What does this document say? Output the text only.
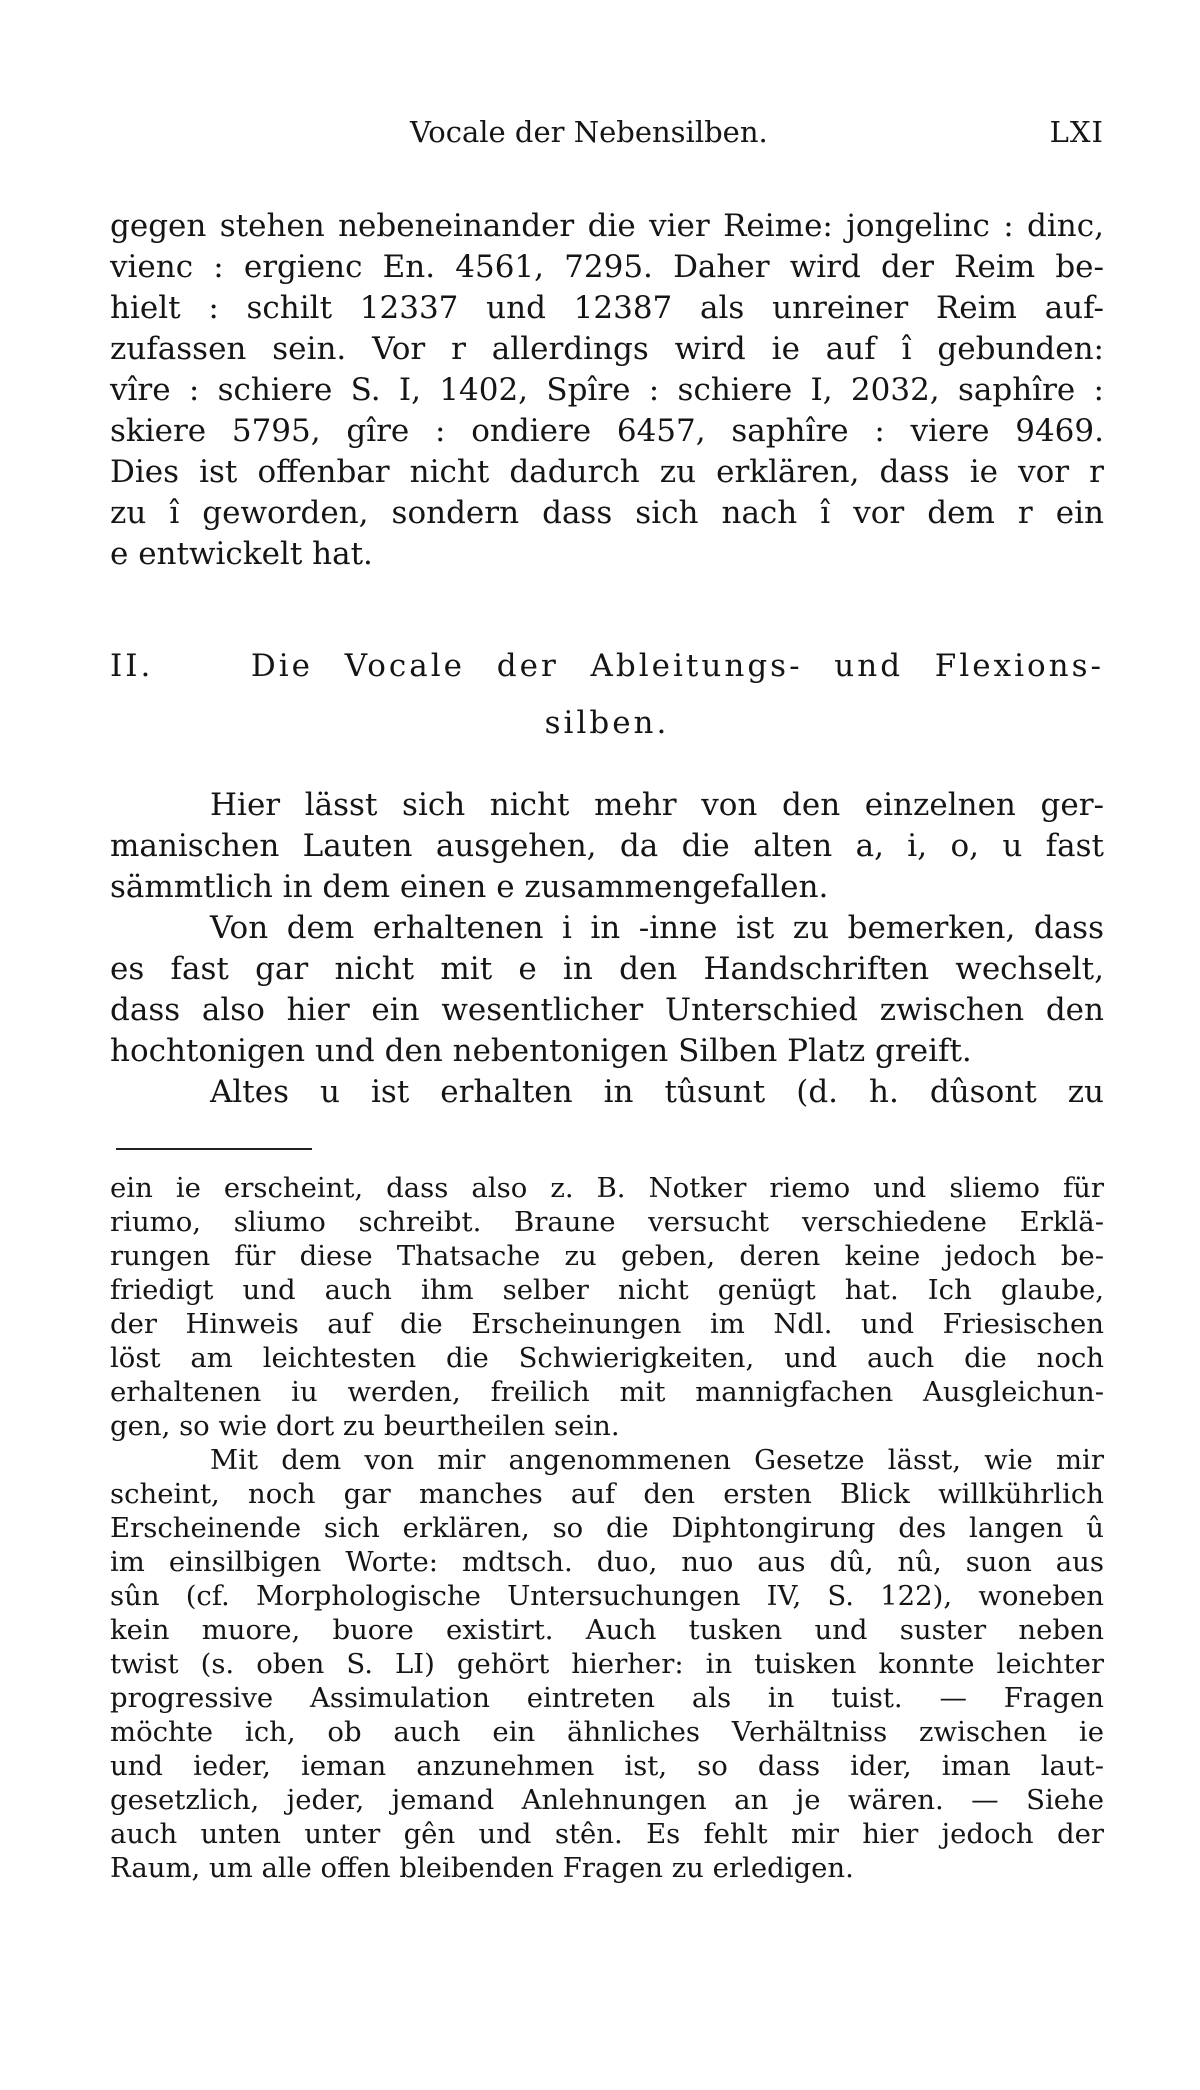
Vocale der Nebensilben.	LXI
gegen stehen nebeneinander die vier Reime: jongelinc : dinc,
vienc : ergienc En. 4561, 7295. Daher wird der Reim be-
hielt : schilt 12337 und 12387 als unreiner Reim auf-
zufassen sein. Vor r allerdings wird ie auf î gebunden:
vîre : schiere S. I, 1402, Spîre : schiere I, 2032, saphîre :
skiere 5795, gîre : ondiere 6457, saphîre : viere 9469.
Dies ist offenbar nicht dadurch zu erklären, dass ie vor r
zu î geworden, sondern dass sich nach î vor dem r ein
e entwickelt hat.
II.	Die Vocale der Ableitungs- und Flexions-
silben.
Hier lässt sich nicht mehr von den einzelnen ger-
manischen Lauten ausgehen, da die alten a, i, o, u fast
sämmtlich in dem einen e zusammengefallen.
Von dem erhaltenen i in -inne ist zu bemerken, dass
es fast gar nicht mit e in den Handschriften wechselt,
dass also hier ein wesentlicher Unterschied zwischen den
hochtonigen und den nebentonigen Silben Platz greift.
Altes u ist erhalten in tûsunt (d. h. dûsont zu
ein ie erscheint, dass also z. B. Notker riemo und sliemo für
riumo, sliumo schreibt. Braune versucht verschiedene Erklä-
rungen für diese Thatsache zu geben, deren keine jedoch be-
friedigt und auch ihm selber nicht genügt hat. Ich glaube,
der Hinweis auf die Erscheinungen im Ndl. und Friesischen
löst am leichtesten die Schwierigkeiten, und auch die noch
erhaltenen iu werden, freilich mit mannigfachen Ausgleichun-
gen, so wie dort zu beurtheilen sein.
Mit dem von mir angenommenen Gesetze lässt, wie mir
scheint, noch gar manches auf den ersten Blick willkührlich
Erscheinende sich erklären, so die Diphtongirung des langen û
im einsilbigen Worte: mdtsch. duo, nuo aus dû, nû, suon aus
sûn (cf. Morphologische Untersuchungen IV, S. 122), woneben
kein muore, buore existirt. Auch tusken und suster neben
twist (s. oben S. LI) gehört hierher: in tuisken konnte leichter
progressive Assimulation eintreten als in tuist. — Fragen
möchte ich, ob auch ein ähnliches Verhältniss zwischen ie
und ieder, ieman anzunehmen ist, so dass ider, iman laut-
gesetzlich, jeder, jemand Anlehnungen an je wären. — Siehe
auch unten unter gên und stên. Es fehlt mir hier jedoch der
Raum, um alle offen bleibenden Fragen zu erledigen.
